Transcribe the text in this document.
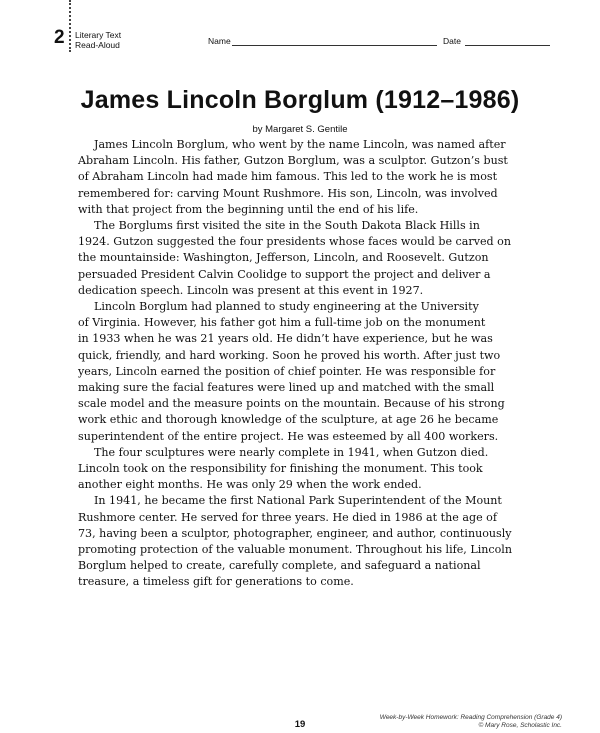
2 Literary Text
Read-Aloud	Name	Date
James Lincoln Borglum (1912–1986)
by Margaret S. Gentile

James Lincoln Borglum, who went by the name Lincoln, was named after
Abraham Lincoln. His father, Gutzon Borglum, was a sculptor. Gutzon’s bust
of Abraham Lincoln had made him famous. This led to the work he is most
remembered for: carving Mount Rushmore. His son, Lincoln, was involved
with that project from the beginning until the end of his life.

The Borglums first visited the site in the South Dakota Black Hills in
1924. Gutzon suggested the four presidents whose faces would be carved on
the mountainside: Washington, Jefferson, Lincoln, and Roosevelt. Gutzon
persuaded President Calvin Coolidge to support the project and deliver a
dedication speech. Lincoln was present at this event in 1927.

Lincoln Borglum had planned to study engineering at the University
of Virginia. However, his father got him a full-time job on the monument
in 1933 when he was 21 years old. He didn’t have experience, but he was
quick, friendly, and hard working. Soon he proved his worth. After just two
years, Lincoln earned the position of chief pointer. He was responsible for
making sure the facial features were lined up and matched with the small
scale model and the measure points on the mountain. Because of his strong
work ethic and thorough knowledge of the sculpture, at age 26 he became
superintendent of the entire project. He was esteemed by all 400 workers.

The four sculptures were nearly complete in 1941, when Gutzon died.
Lincoln took on the responsibility for finishing the monument. This took
another eight months. He was only 29 when the work ended.

In 1941, he became the first National Park Superintendent of the Mount
Rushmore center. He served for three years. He died in 1986 at the age of
73, having been a sculptor, photographer, engineer, and author, continuously
promoting protection of the valuable monument. Throughout his life, Lincoln
Borglum helped to create, carefully complete, and safeguard a national
treasure, a timeless gift for generations to come.

19
Week-by-Week Homework: Reading Comprehension (Grade 4)
© Mary Rose, Scholastic Inc.
